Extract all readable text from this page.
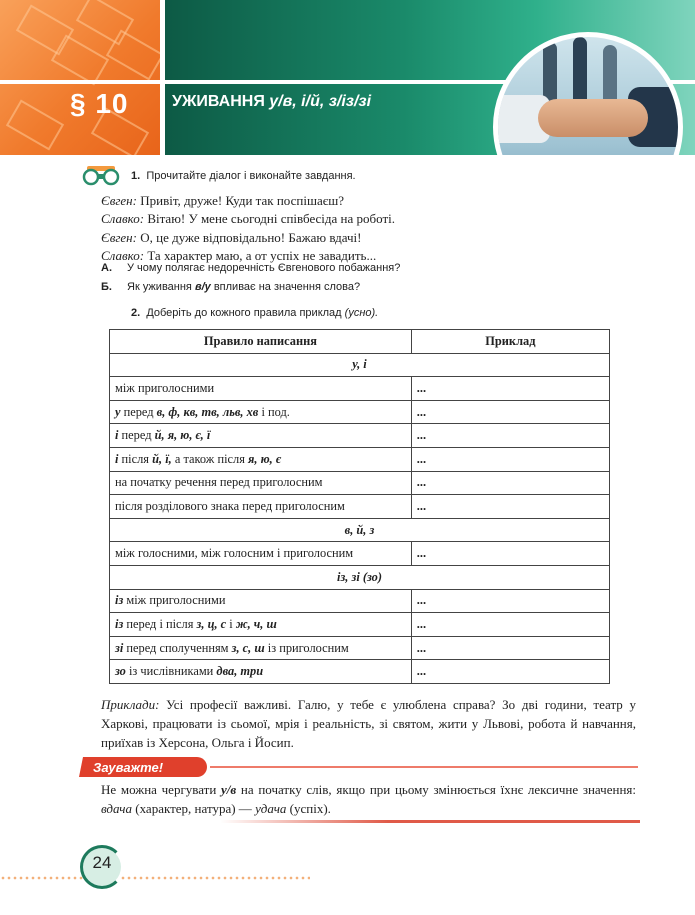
§ 10	УЖИВАННЯ у/в, і/й, з/із/зі
1. Прочитайте діалог і виконайте завдання.
Євген: Привіт, друже! Куди так поспішаєш?
Славко: Вітаю! У мене сьогодні співбесіда на роботі.
Євген: О, це дуже відповідально! Бажаю вдачі!
Славко: Та характер маю, а от успіх не завадить...
А. У чому полягає недоречність Євгенового побажання?
Б. Як уживання в/у впливає на значення слова?
2. Доберіть до кожного правила приклад (усно).
Правило написання	Приклад
у, і	
між приголосними	...
у перед в, ф, кв, тв, льв, хв і под.	...
і перед й, я, ю, є, ї	...
і після й, ї, а також після я, ю, є	...
на початку речення перед приголосним	...
після розділового знака перед приголосним	...
в, й, з	
між голосними, між голосним і приголосним	...
із, зі (зо)	
із між приголосними	...
із перед і після з, ц, с і ж, ч, ш	...
зі перед сполученням з, с, ш із приголосним	...
зо із числівниками два, три	...
Приклади: Усі професії важливі. Галю, у тебе є улюблена справа? Зо дві години, театр у Харкові, працювати із сьомої, мрія і реальність, зі святом, жити у Львові, робота й навчання, приїхав із Херсона, Ольга і Йосип.
Зауважте!
Не можна чергувати у/в на початку слів, якщо при цьому змінюється їхнє лексичне значення: вдача (характер, натура) — удача (успіх).
24
